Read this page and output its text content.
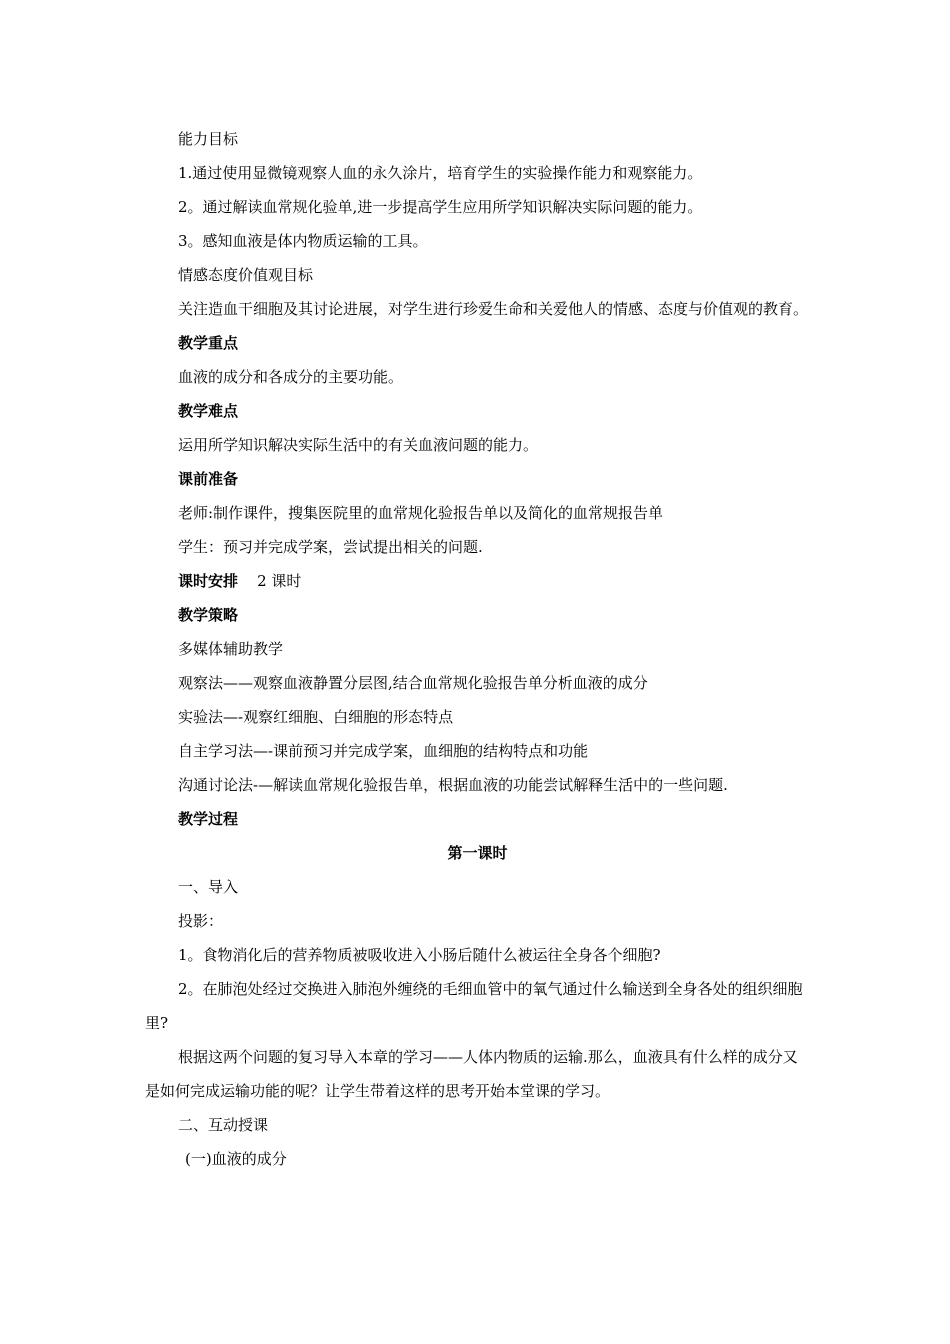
能力目标

1.通过使用显微镜观察人血的永久涂片，培育学生的实验操作能力和观察能力。

2。通过解读血常规化验单,进一步提高学生应用所学知识解决实际问题的能力。

3。感知血液是体内物质运输的工具。

情感态度价值观目标

关注造血干细胞及其讨论进展，对学生进行珍爱生命和关爱他人的情感、态度与价值观的教育。

教学重点

血液的成分和各成分的主要功能。

教学难点

运用所学知识解决实际生活中的有关血液问题的能力。

课前准备

老师:制作课件，搜集医院里的血常规化验报告单以及简化的血常规报告单

学生：预习并完成学案，尝试提出相关的问题.

课时安排 2 课时

教学策略

多媒体辅助教学

观察法——观察血液静置分层图,结合血常规化验报告单分析血液的成分

实验法—-观察红细胞、白细胞的形态特点

自主学习法—-课前预习并完成学案，血细胞的结构特点和功能

沟通讨论法-—解读血常规化验报告单，根据血液的功能尝试解释生活中的一些问题.

教学过程

第一课时

一、导入

投影：

1。食物消化后的营养物质被吸收进入小肠后随什么被运往全身各个细胞?

2。在肺泡处经过交换进入肺泡外缠绕的毛细血管中的氧气通过什么输送到全身各处的组织细胞里?

根据这两个问题的复习导入本章的学习——人体内物质的运输.那么，血液具有什么样的成分又是如何完成运输功能的呢？让学生带着这样的思考开始本堂课的学习。

二、互动授课

(一)血液的成分
